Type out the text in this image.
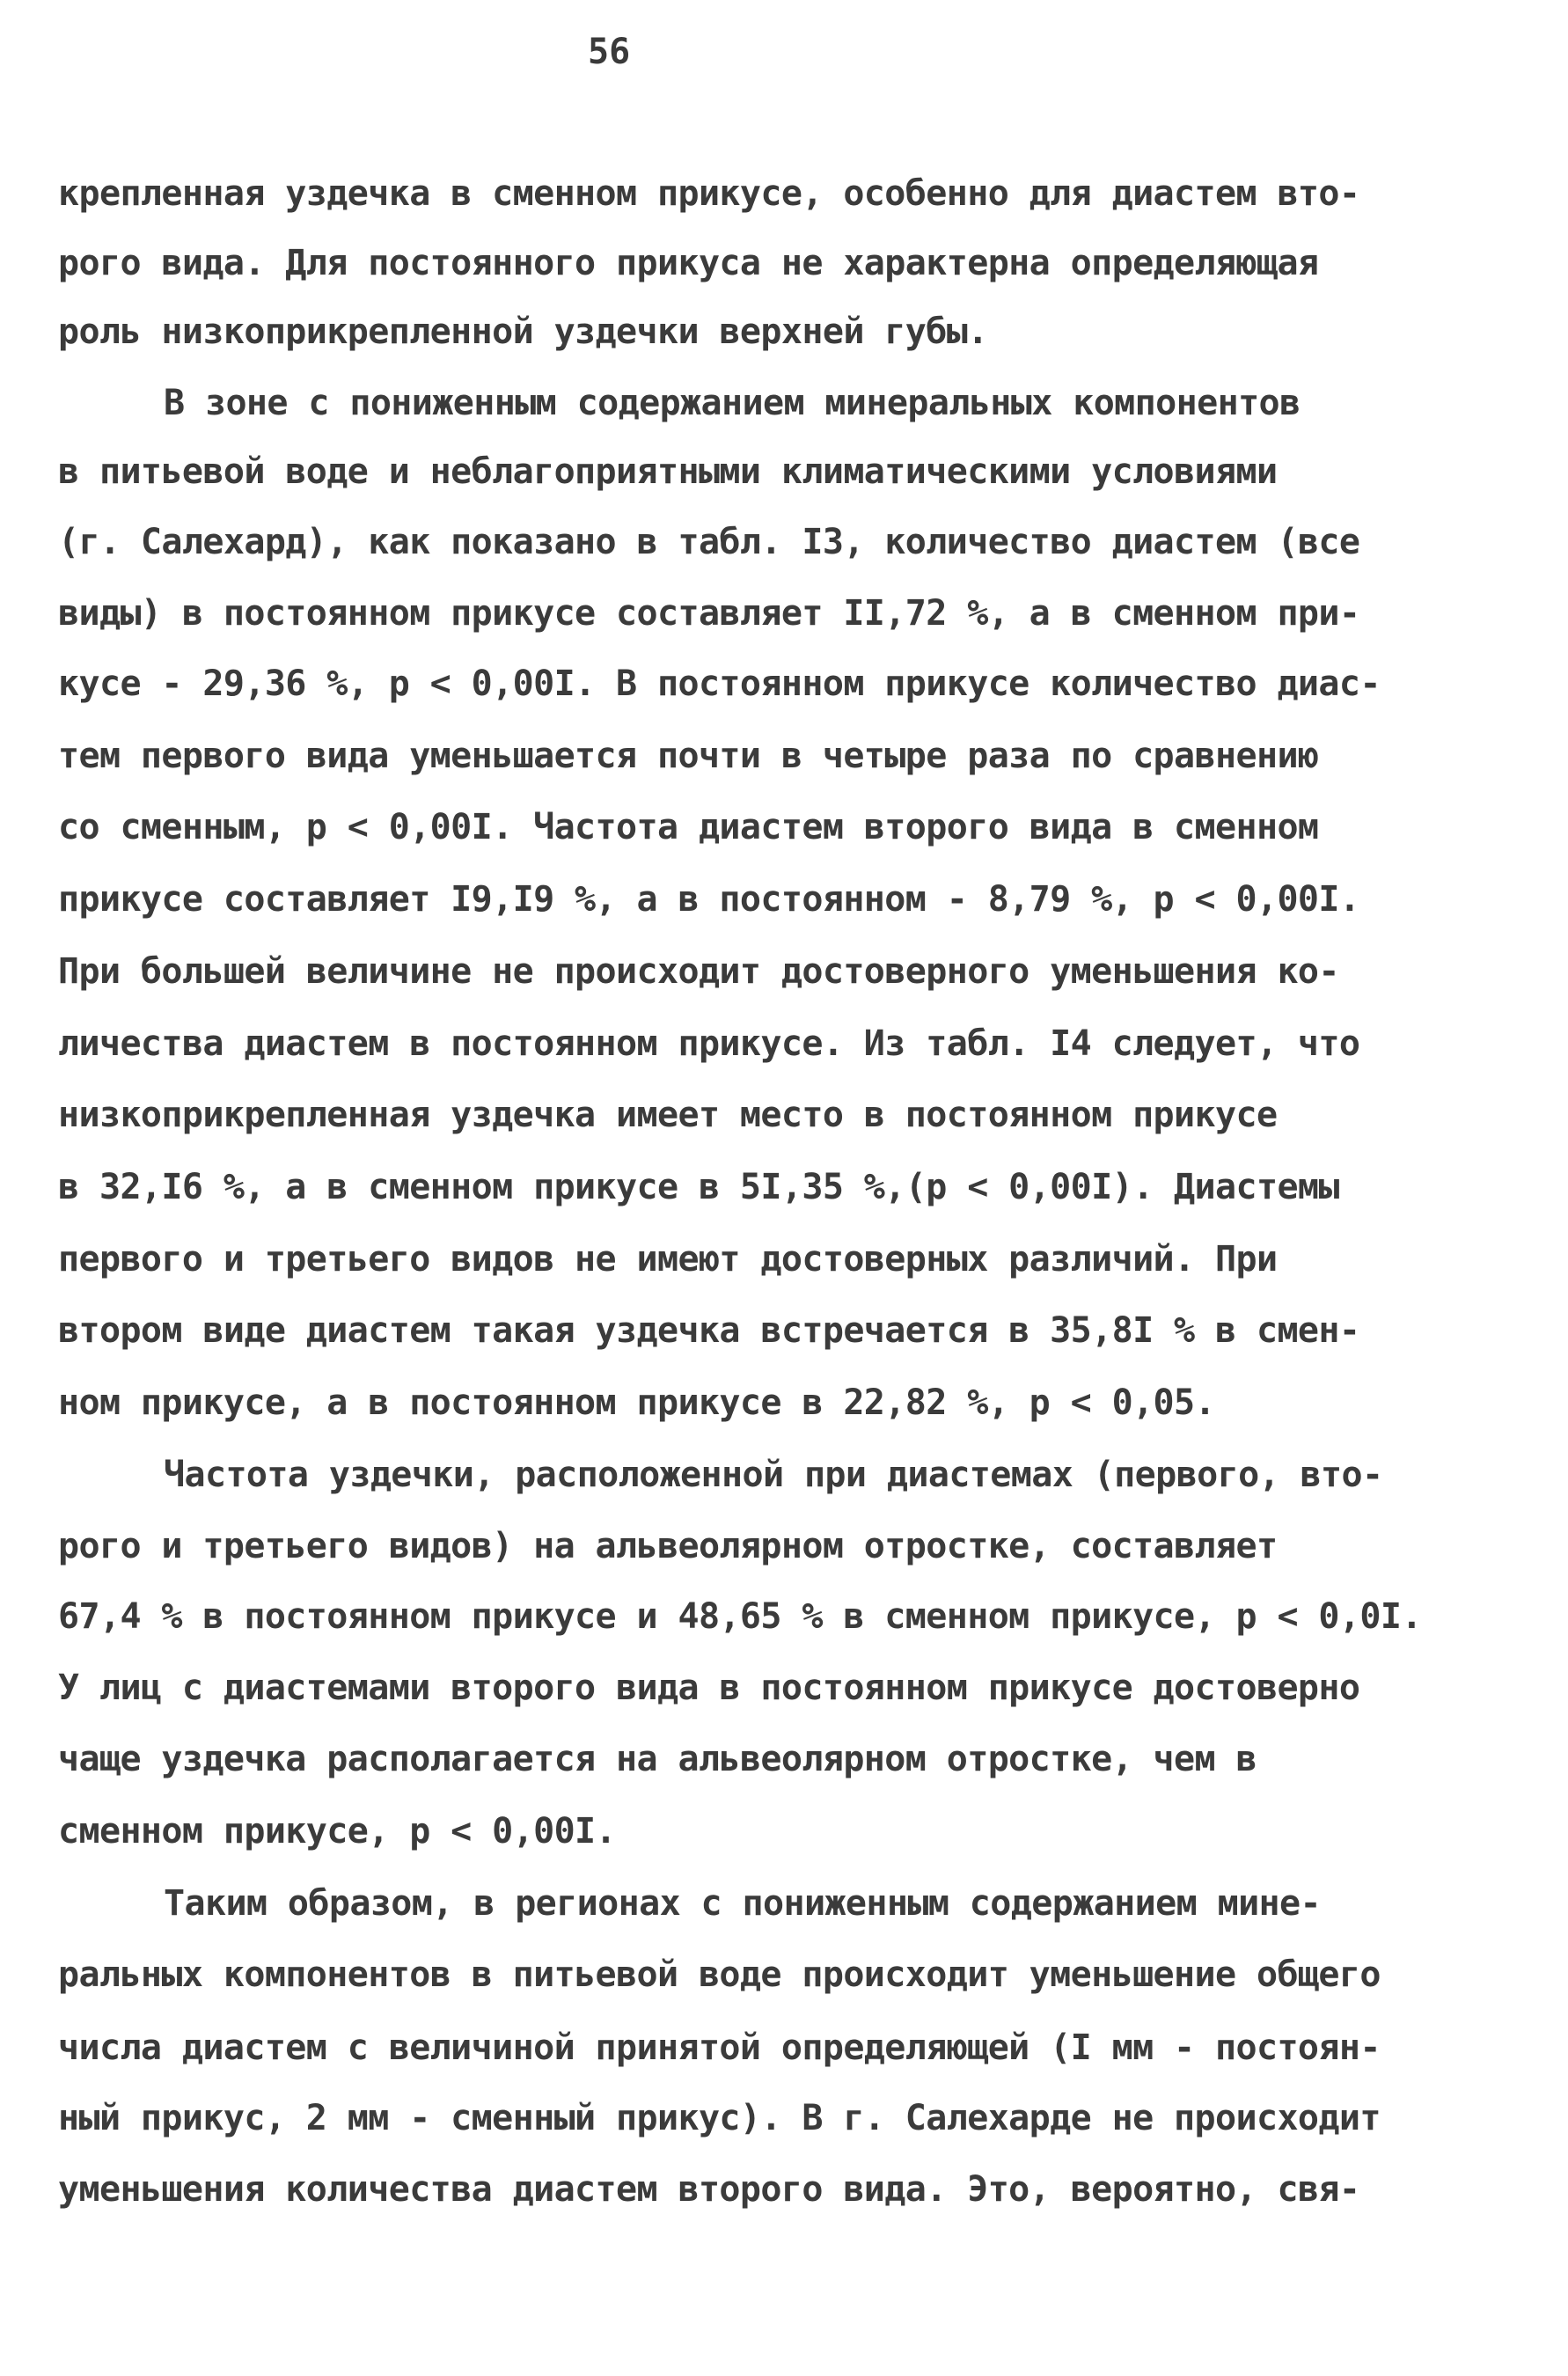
56
крепленная уздечка в сменном прикусе, особенно для диастем вто-
рого вида. Для постоянного прикуса не характерна определяющая
роль низкоприкрепленной уздечки верхней губы.
В зоне с пониженным содержанием минеральных компонентов
в питьевой воде и неблагоприятными климатическими условиями
(г. Салехард), как показано в табл. I3, количество диастем (все
виды) в постоянном прикусе составляет II,72 %, а в сменном при-
кусе - 29,36 %, р < 0,00I. В постоянном прикусе количество диас-
тем первого вида уменьшается почти в четыре раза по сравнению
со сменным, р < 0,00I. Частота диастем второго вида в сменном
прикусе составляет I9,I9 %, а в постоянном - 8,79 %, р < 0,00I.
При большей величине не происходит достоверного уменьшения ко-
личества диастем в постоянном прикусе. Из табл. I4 следует, что
низкоприкрепленная уздечка имеет место в постоянном прикусе
в 32,I6 %, а в сменном прикусе в 5I,35 %,(р < 0,00I). Диастемы
первого и третьего видов не имеют достоверных различий. При
втором виде диастем такая уздечка встречается в 35,8I % в смен-
ном прикусе, а в постоянном прикусе в 22,82 %, р < 0,05.
Частота уздечки, расположенной при диастемах (первого, вто-
рого и третьего видов) на альвеолярном отростке, составляет
67,4 % в постоянном прикусе и 48,65 % в сменном прикусе, р < 0,0I.
У лиц с диастемами второго вида в постоянном прикусе достоверно
чаще уздечка располагается на альвеолярном отростке, чем в
сменном прикусе, р < 0,00I.
Таким образом, в регионах с пониженным содержанием мине-
ральных компонентов в питьевой воде происходит уменьшение общего
числа диастем с величиной принятой определяющей (I мм - постоян-
ный прикус, 2 мм - сменный прикус). В г. Салехарде не происходит
уменьшения количества диастем второго вида. Это, вероятно, свя-
